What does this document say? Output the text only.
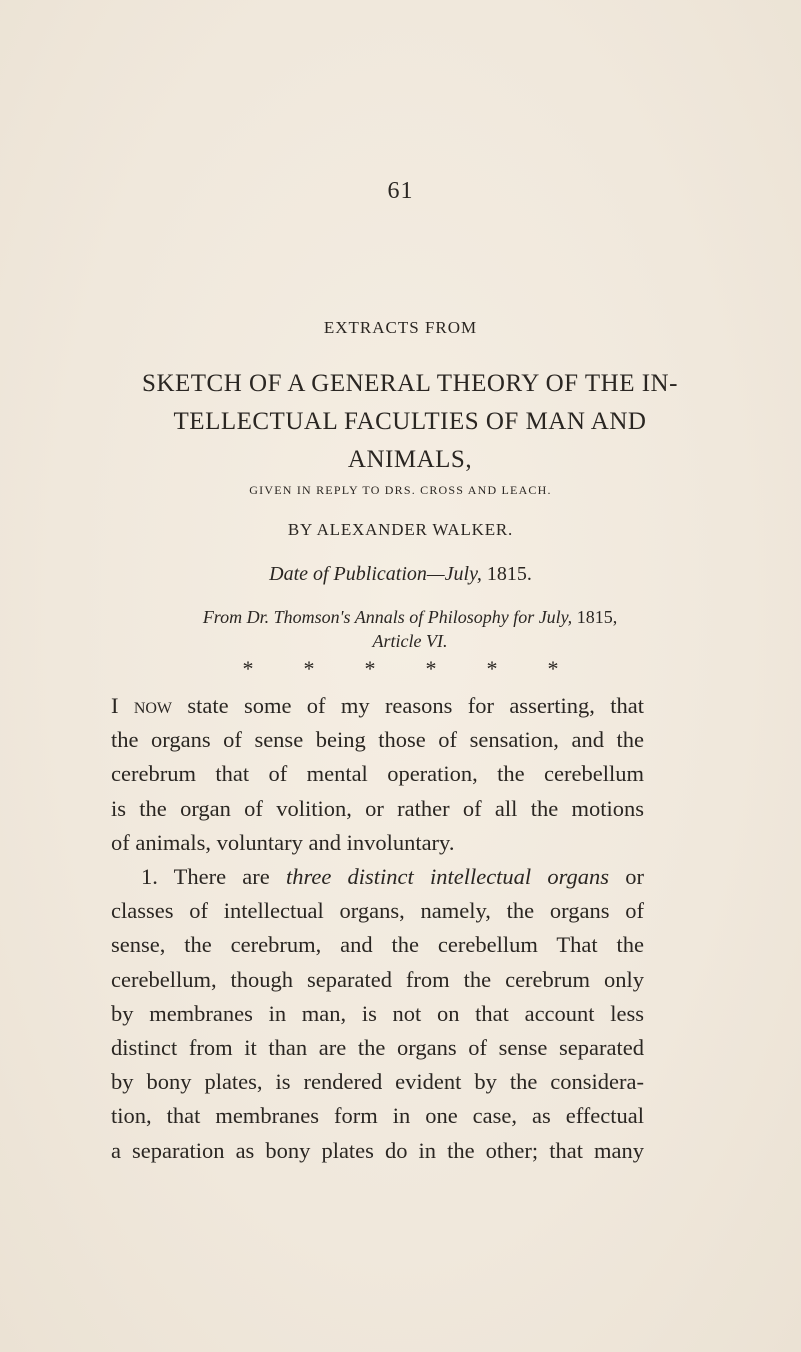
61
EXTRACTS FROM
SKETCH OF A GENERAL THEORY OF THE IN-
TELLECTUAL FACULTIES OF MAN AND
ANIMALS,
GIVEN IN REPLY TO DRS. CROSS AND LEACH.
BY ALEXANDER WALKER.
Date of Publication—July, 1815.
From Dr. Thomson's Annals of Philosophy for July, 1815,
Article VI.
* * * * * *
I now state some of my reasons for asserting, that
the organs of sense being those of sensation, and the
cerebrum that of mental operation, the cerebellum
is the organ of volition, or rather of all the motions
of animals, voluntary and involuntary.
1. There are three distinct intellectual organs or
classes of intellectual organs, namely, the organs of
sense, the cerebrum, and the cerebellum That the
cerebellum, though separated from the cerebrum only
by membranes in man, is not on that account less
distinct from it than are the organs of sense separated
by bony plates, is rendered evident by the considera-
tion, that membranes form in one case, as effectual
a separation as bony plates do in the other; that many
